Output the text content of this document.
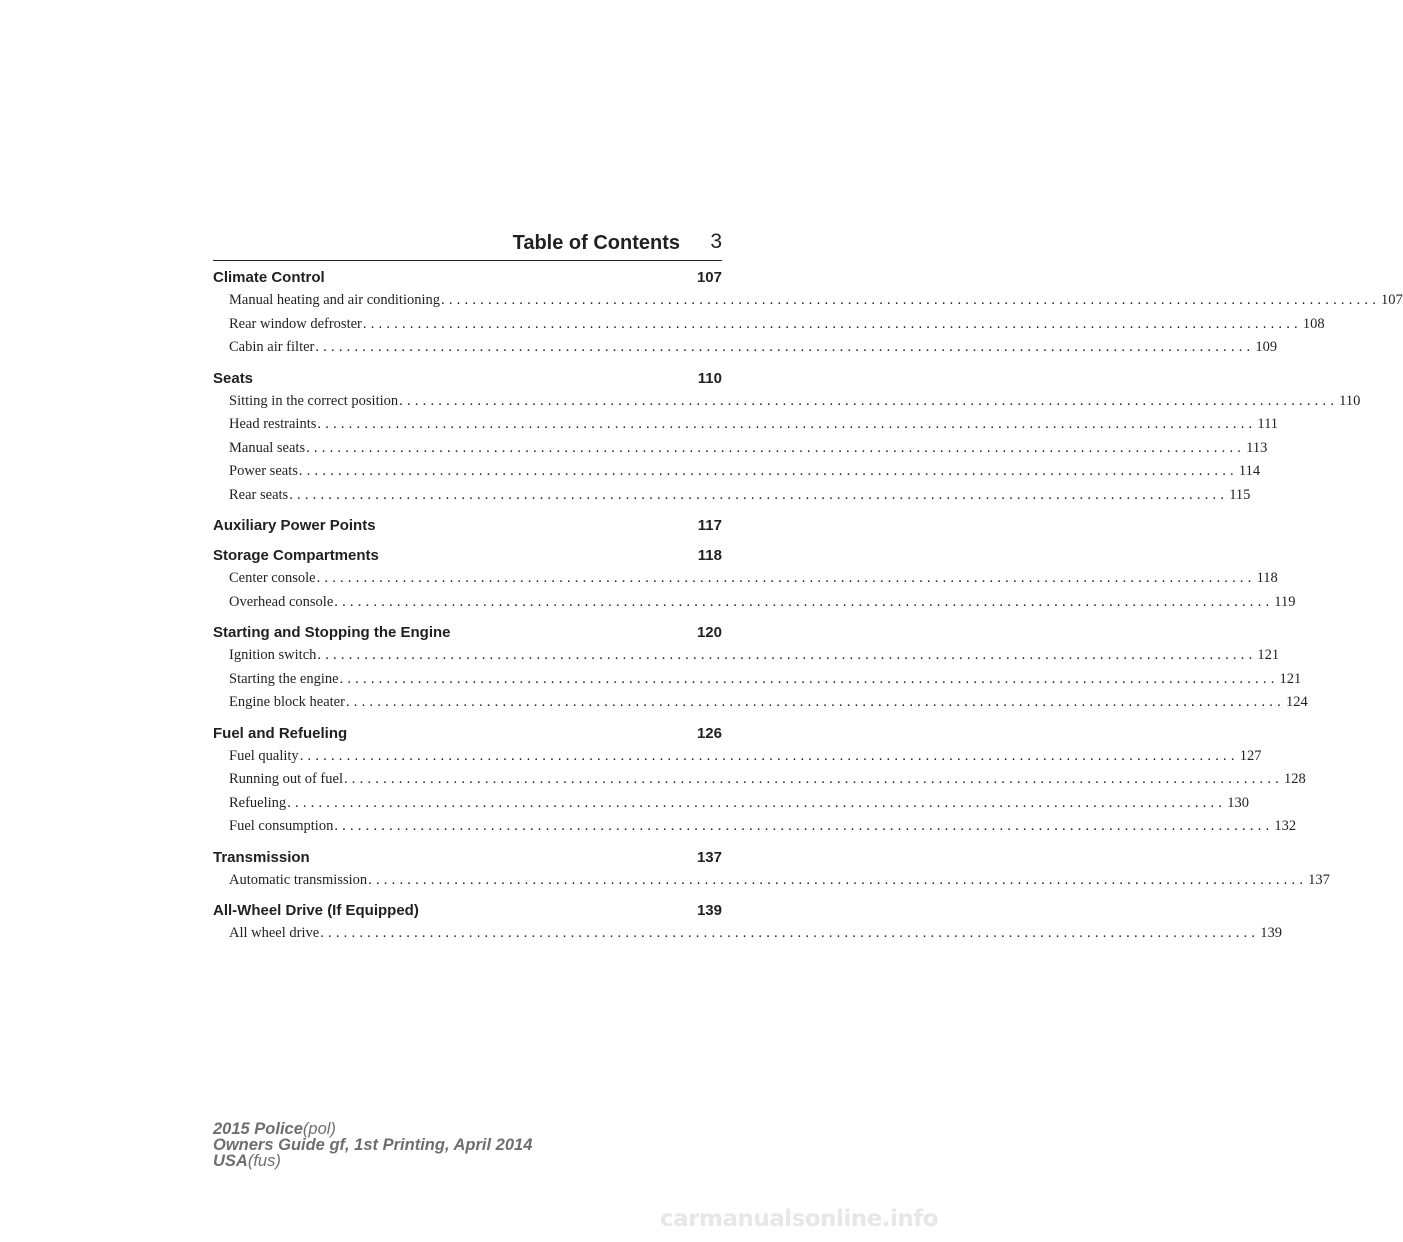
Table of Contents 3
Climate Control	107
Manual heating and air conditioning ........................................................................................................................ 107
Rear window defroster ........................................................................................................................ 108
Cabin air filter ........................................................................................................................ 109
Seats	110
Sitting in the correct position ........................................................................................................................ 110
Head restraints ........................................................................................................................ 111
Manual seats ........................................................................................................................ 113
Power seats ........................................................................................................................ 114
Rear seats ........................................................................................................................ 115
Auxiliary Power Points	117
Storage Compartments	118
Center console ........................................................................................................................ 118
Overhead console ........................................................................................................................ 119
Starting and Stopping the Engine	120
Ignition switch ........................................................................................................................ 121
Starting the engine ........................................................................................................................ 121
Engine block heater ........................................................................................................................ 124
Fuel and Refueling	126
Fuel quality ........................................................................................................................ 127
Running out of fuel ........................................................................................................................ 128
Refueling ........................................................................................................................ 130
Fuel consumption ........................................................................................................................ 132
Transmission	137
Automatic transmission ........................................................................................................................ 137
All-Wheel Drive (If Equipped)	139
All wheel drive ........................................................................................................................ 139
2015 Police(pol)
Owners Guide gf, 1st Printing, April 2014
USA(fus)
carmanualsonline.info
